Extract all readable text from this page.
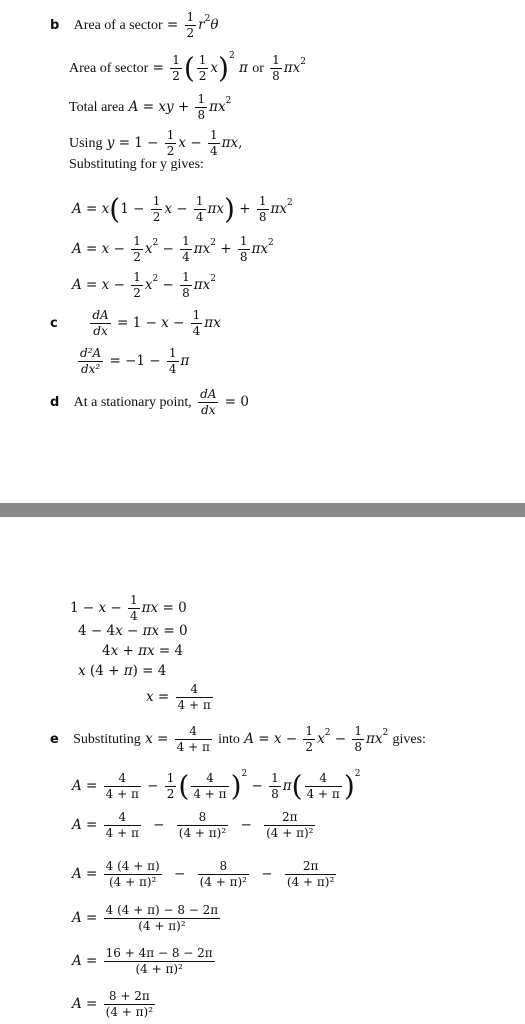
b Area of a sector = $\frac{1}{2} r^2\theta$
Area of sector = $\frac{1}{2}$ ( $\frac{1}{2} x)^2$ π or $\frac{1}{8} \pi x^2$
Total area A = xy + $\frac{1}{8} \pi x^2$
Using $y = 1 - \frac{1}{2}$ $x - \frac{1}{4} \pi x$,
Substituting for y gives:
$A = x(1 - \frac{1}{2}$ $x - \frac{1}{4} \pi x) + \frac{1}{8} \pi x^2$
$A = x - \frac{1}{2} x^2 - \frac{1}{4} \pi x^2 + \frac{1}{8} \pi x^2$
$A = x - \frac{1}{2} x^2 - \frac{1}{8} \pi x^2$
c	$\frac{dA}{dx} = 1 - x - \frac{1}{4}$ πx
$\frac{\text{d²A}}{\text{dx²}} = -1 - \frac{1}{4}$ π
d At a stationary point, $\frac{dA}{dx} = 0$
$1 - x - \frac{1}{4}$ πx = 0
4 − 4x − πx = 0
4x + πx = 4
x (4 + π) = 4
$x = \frac{4}{4 + \pi}$
e Substituting $x = \frac{4}{4 + \pi}$ into $A = x - \frac{1}{2} x^2 - \frac{1}{8} \pi x^2$ gives:
$A = \frac{4}{4 + \pi} - \frac{1}{2}$ ( $\frac{4}{4 + \pi} )^2 - \frac{1}{8} \pi( \frac{4}{4 + \pi} )^2$
$A = \frac{4}{4 + \pi} - \frac{8}{\text{(4 + π)²}} - \frac{2\pi}{\text{(4 + π)²}}$
$A = \frac{4 (4 + \pi)}{\text{(4 + π)²}} - \frac{8}{\text{(4 + π)²}} - \frac{2\pi}{\text{(4 + π)²}}$
$A = \frac{4 (4 + \pi) - 8 - 2\pi}{\text{(4 + π)²}}$
$A = \frac{16 + 4\pi - 8 - 2\pi}{\text{(4 + π)²}}$
$A = \frac{8 + 2\pi}{\text{(4 + π)²}}$
